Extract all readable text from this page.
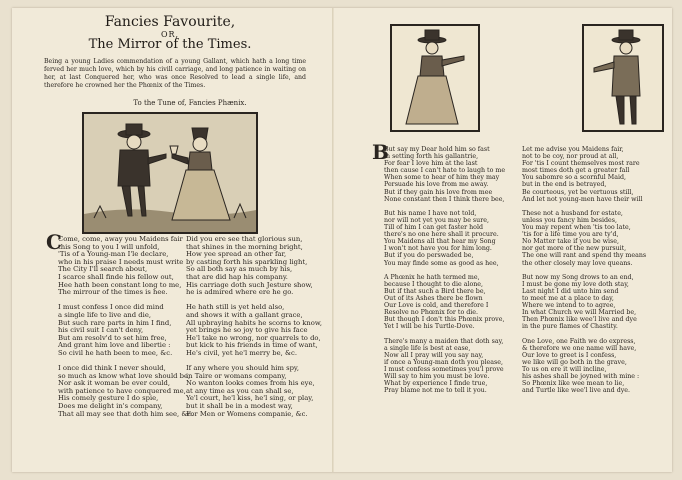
Fancies Favourite,
OR,
The Mirror of the Times.
Being a young Ladies commendation of a young Gallant, which hath a long time ferved her much love, which by his civill carriage, and long patience in waiting on her, at last Conquered her, who was once Resolved to lead a single life, and therefore he crowned her the Phœnix of the Times.
To the Tune of, Fancies Phænix.
C
B
Come, come, away you Maidens fair
this Song to you I will unfold,
'Tis of a Young-man I'le declare,
who in his praise I needs must write
The City I'll search about,
I scarce shall finde his fellow out,
Hee hath been constant long to me,
The mirrour of the times is hee.

I must confess I once did mind
a single life to live and die,
But such rare parts in him I find,
his civil suit I can't deny,
But am resolv'd to set him free,
And grant him love and libertie :
So civil he hath been to mee, &c.

I once did think I never should,
so much as know what love should be,
Nor ask it woman be ever could,
with patience to have conquered me,
His comely gesture I do spie,
Does me delight in's company,
That all may see that doth him see, &c.
Did you ere see that glorious sun,
that shines in the morning bright,
How yee spread an other far,
by casting forth his sparkling light,
So all both say as much by his,
that are did hap his company.
His carriage doth such Jesture show,
he is admired where ere he go.

He hath still is yet held also,
and shows it with a gallant grace,
All upbraying habits he scorns to know,
yet brings he so joy to give his face
He'l take no wrong, nor quarrels to do,
but kick to his friends in time of want,
He's civil, yet he'l merry be, &c.

If any where you should him spy,
in Taire or womans company,
No wanton looks comes from his eye,
at any time as you can shall se,
Ye'l court, he'l kiss, he'l sing, or play,
but it shall be in a modest way,
For Men or Womens companie, &c.
But say my Dear hold him so fast
in setting forth his gallantrie,
For fear I love him at the last
then cause I can't hate to laugh to me
When some to hear of him they may
Persuade his love from me away.
But if they gain his love from mee
None constant then I think there bee,

But his name I have not told,
nor will not yet you may be sure,
Till of him I can get faster hold
there's no one here shall it procure.
You Maidens all that hear my Song
I won't not have you for him long.
But if you do perswaded be,
You may finde some as good as hee,

A Phœnix he hath termed me,
because I thought to die alone,
But if that such a Bird there be,
Out of its Ashes there be flown
Our Love is cold, and therefore I
Resolve no Phœnix for to die.
But though I don't this Phœnix prove,
Yet I will be his Turtle-Dove.

There's many a maiden that doth say,
a single life is best at ease,
Now all I pray will you say nay,
if once a Young-man doth you please,
I must confess sometimes you'l prove
Will say to him you must be love.
What by experience I finde true,
Pray blame not me to tell it you.
Let me advise you Maidens fair,
not to be coy, nor proud at all,
For 'tis I count themselves most rare
most times doth get a greater fall
You sabomre so a scornful Maid,
but in the end is betrayed,
Be courteous, yet be vertuous still,
And let not young-men have their will

These not a husband for estate,
unless you fancy him besides,
You may repent when 'tis too late,
'tis for a life time you are ty'd,
No Matter take if you be wise,
nor get more of the new pursuit,
The one will rant and spend thy means
the other closely may love queans.

But now my Song drows to an end,
I must be gone my love doth stay,
Last night I did unto him send
to meet me at a place to day,
Where we intend to to agree,
In what Church we will Married be,
Then Phœnix like wee'l live and dye
in the pure flames of Chastity.

One Love, one Faith we do express,
& therefore we one name will have,
Our love to greet is I confess,
we like will go both in the grave,
To us on ere it will incline,
his ashes shall be joyned with mine :
So Phœnix like wee mean to lie,
and Turtle like wee'l live and dye.
